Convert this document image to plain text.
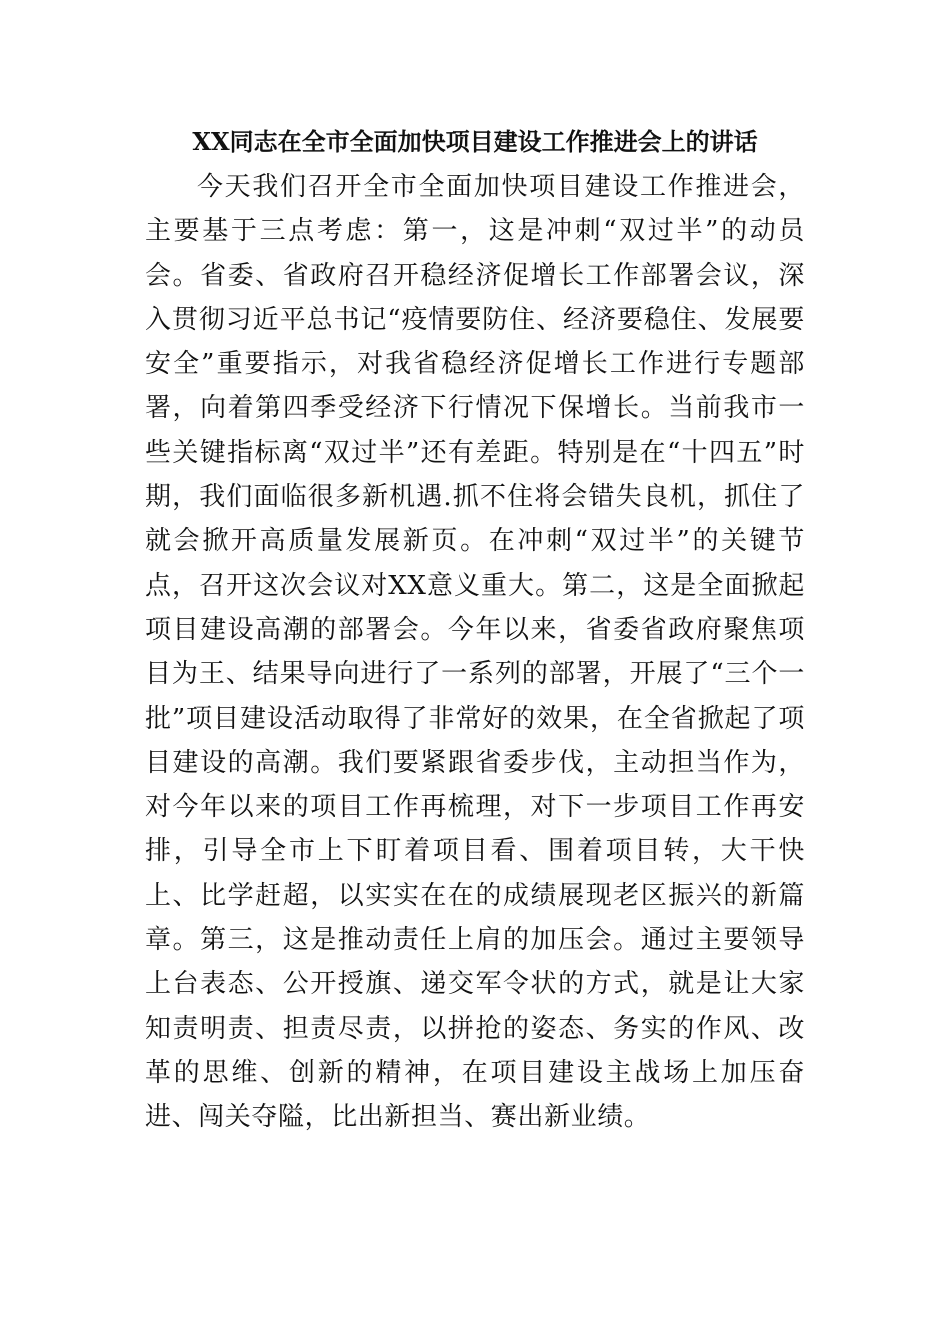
XX同志在全市全面加快项目建设工作推进会上的讲话

今天我们召开全市全面加快项目建设工作推进会，主要基于三点考虑：第一，这是冲刺“双过半”的动员会。省委、省政府召开稳经济促增长工作部署会议，深入贯彻习近平总书记“疫情要防住、经济要稳住、发展要安全”重要指示，对我省稳经济促增长工作进行专题部署，向着第四季受经济下行情况下保增长。当前我市一些关键指标离“双过半”还有差距。特别是在“十四五”时期，我们面临很多新机遇.抓不住将会错失良机，抓住了就会掀开高质量发展新页。在冲刺“双过半”的关键节点，召开这次会议对XX意义重大。第二，这是全面掀起项目建设高潮的部署会。今年以来，省委省政府聚焦项目为王、结果导向进行了一系列的部署，开展了“三个一批”项目建设活动取得了非常好的效果，在全省掀起了项目建设的高潮。我们要紧跟省委步伐，主动担当作为，对今年以来的项目工作再梳理，对下一步项目工作再安排，引导全市上下盯着项目看、围着项目转，大干快上、比学赶超，以实实在在的成绩展现老区振兴的新篇章。第三，这是推动责任上肩的加压会。通过主要领导上台表态、公开授旗、递交军令状的方式，就是让大家知责明责、担责尽责，以拼抢的姿态、务实的作风、改革的思维、创新的精神，在项目建设主战场上加压奋进、闯关夺隘，比出新担当、赛出新业绩。
